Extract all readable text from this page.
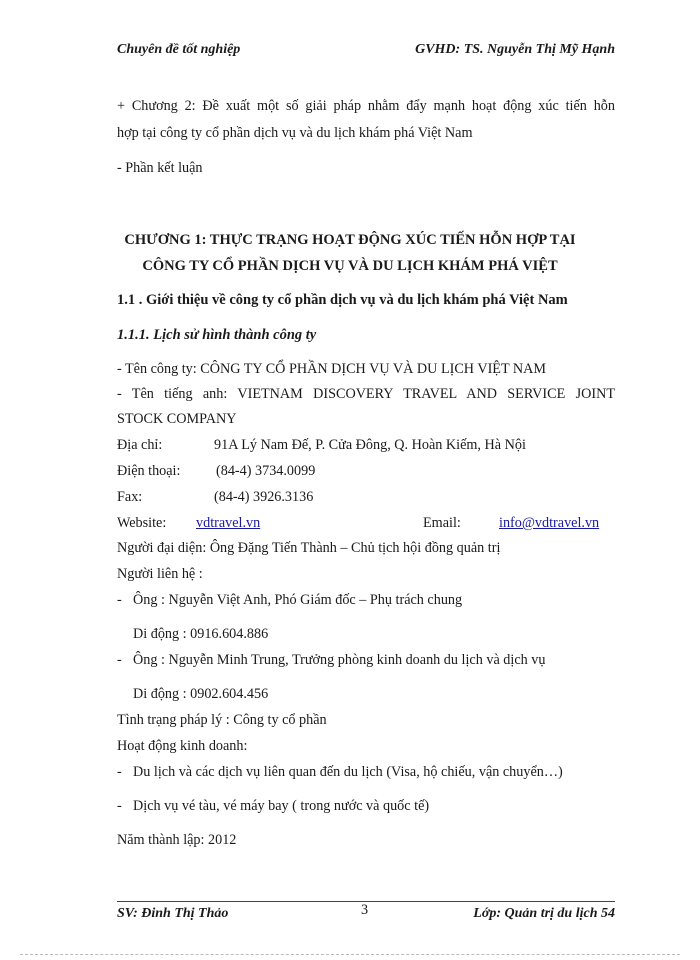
Chuyên đề tốt nghiệp	GVHD: TS. Nguyễn Thị Mỹ Hạnh
+ Chương 2: Đề xuất một số giải pháp nhằm đẩy mạnh hoạt động xúc tiến hỗn
hợp tại công ty cổ phần dịch vụ và du lịch khám phá Việt Nam
- Phần kết luận
CHƯƠNG 1: THỰC TRẠNG HOẠT ĐỘNG XÚC TIẾN HỖN HỢP TẠI
CÔNG TY CỔ PHẦN DỊCH VỤ VÀ DU LỊCH KHÁM PHÁ VIỆT
1.1 . Giới thiệu về công ty cổ phần dịch vụ và du lịch khám phá Việt Nam
1.1.1. Lịch sử hình thành công ty
- Tên công ty: CÔNG TY CỔ PHẦN DỊCH VỤ VÀ DU LỊCH VIỆT NAM
- Tên tiếng anh: VIETNAM DISCOVERY TRAVEL AND SERVICE JOINT
STOCK COMPANY
Địa chỉ:	91A Lý Nam Đế, P. Cửa Đông, Q. Hoàn Kiếm, Hà Nội
Điện thoại:	(84-4) 3734.0099
Fax:	(84-4) 3926.3136
Website: vdtravel.vn	Email:	info@vdtravel.vn
Người đại diện: Ông Đặng Tiến Thành – Chủ tịch hội đồng quản trị
Người liên hệ :
- Ông : Nguyễn Việt Anh, Phó Giám đốc – Phụ trách chung
Di động : 0916.604.886
- Ông : Nguyễn Minh Trung, Trưởng phòng kinh doanh du lịch và dịch vụ
Di động : 0902.604.456
Tình trạng pháp lý : Công ty cổ phần
Hoạt động kinh doanh:
- Du lịch và các dịch vụ liên quan đến du lịch (Visa, hộ chiếu, vận chuyển…)
- Dịch vụ vé tàu, vé máy bay ( trong nước và quốc tế)
Năm thành lập: 2012
SV: Đinh Thị Thảo	3	Lớp: Quản trị du lịch 54
